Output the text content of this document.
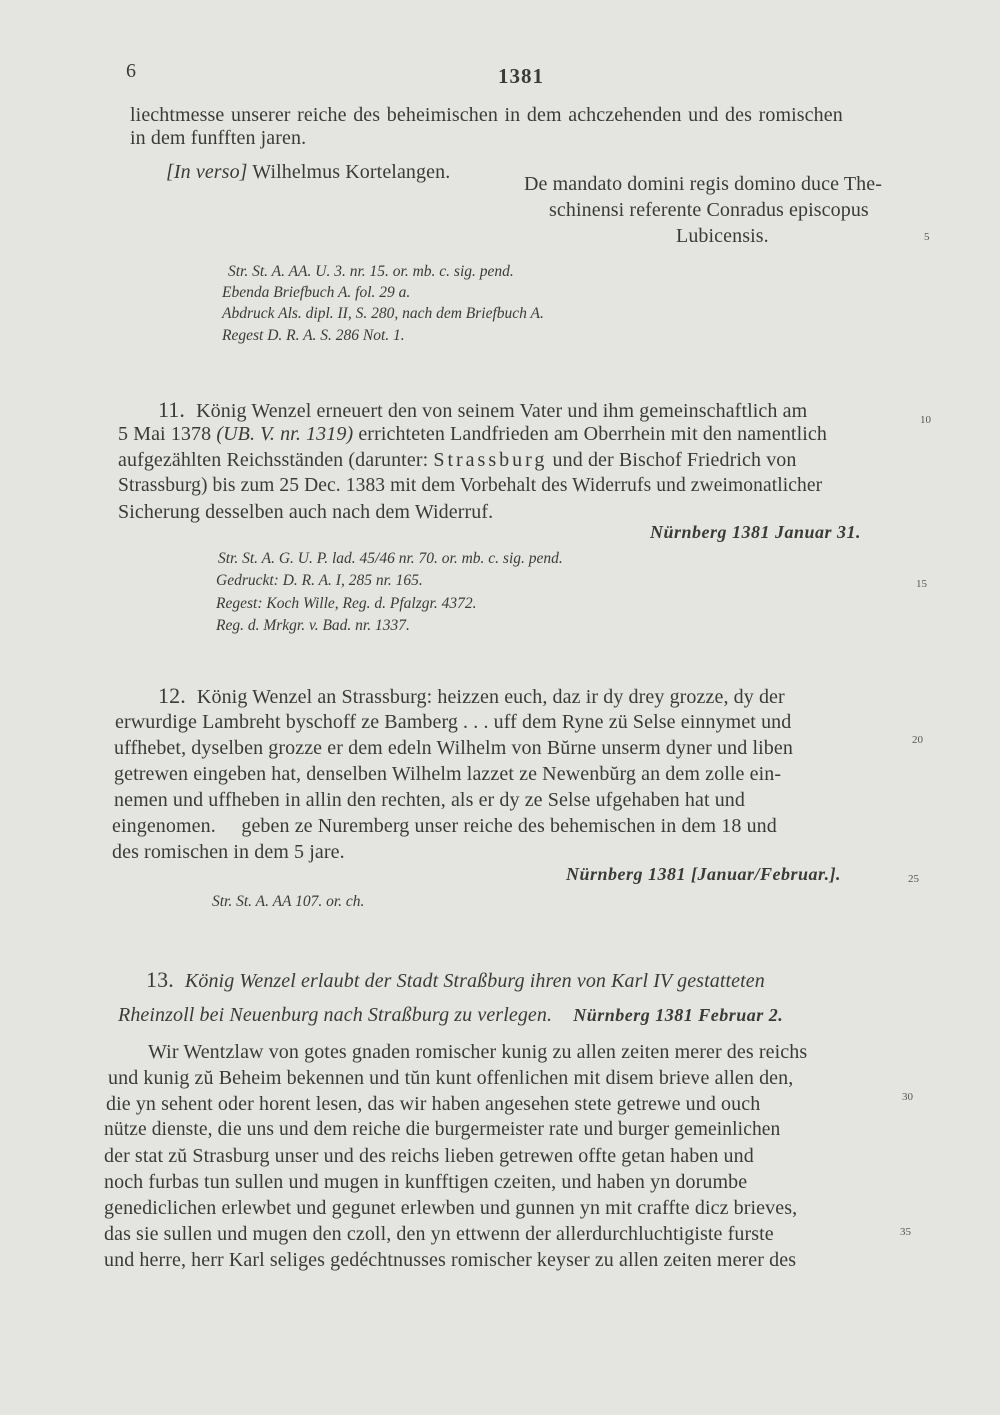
6	1381
5
10
15
20
25
30
35
liechtmesse unserer reiche des beheimischen in dem achczehenden und des romischen
in dem funfften jaren.
[In verso] Wilhelmus Kortelangen.
De mandato domini regis domino duce The-
schinensi referente Conradus episcopus
Lubicensis.
Str. St. A. AA. U. 3. nr. 15. or. mb. c. sig. pend.
Ebenda Briefbuch A. fol. 29 a.
Abdruck Als. dipl. II, S. 280, nach dem Briefbuch A.
Regest D. R. A. S. 286 Not. 1.
11. König Wenzel erneuert den von seinem Vater und ihm gemeinschaftlich am
5 Mai 1378 (UB. V. nr. 1319) errichteten Landfrieden am Oberrhein mit den namentlich
aufgezählten Reichsständen (darunter: Strassburg und der Bischof Friedrich von
Strassburg) bis zum 25 Dec. 1383 mit dem Vorbehalt des Widerrufs und zweimonatlicher
Sicherung desselben auch nach dem Widerruf.
Nürnberg 1381 Januar 31.
Str. St. A. G. U. P. lad. 45/46 nr. 70. or. mb. c. sig. pend.
Gedruckt: D. R. A. I, 285 nr. 165.
Regest: Koch Wille, Reg. d. Pfalzgr. 4372.
Reg. d. Mrkgr. v. Bad. nr. 1337.
12. König Wenzel an Strassburg: heizzen euch, daz ir dy drey grozze, dy der
erwurdige Lambreht byschoff ze Bamberg . . . uff dem Ryne zü Selse einnymet und
uffhebet, dyselben grozze er dem edeln Wilhelm von Bŭrne unserm dyner und liben
getrewen eingeben hat, denselben Wilhelm lazzet ze Newenbŭrg an dem zolle ein-
nemen und uffheben in allin den rechten, als er dy ze Selse ufgehaben hat und
eingenomen.     geben ze Nuremberg unser reiche des behemischen in dem 18 und
des romischen in dem 5 jare.
Nürnberg 1381 [Januar/Februar.].
Str. St. A. AA 107. or. ch.
13. König Wenzel erlaubt der Stadt Straßburg ihren von Karl IV gestatteten
Rheinzoll bei Neuenburg nach Straßburg zu verlegen. Nürnberg 1381 Februar 2.
Wir Wentzlaw von gotes gnaden romischer kunig zu allen zeiten merer des reichs
und kunig zŭ Beheim bekennen und tŭn kunt offenlichen mit disem brieve allen den,
die yn sehent oder horent lesen, das wir haben angesehen stete getrewe und ouch
nütze dienste, die uns und dem reiche die burgermeister rate und burger gemeinlichen
der stat zŭ Strasburg unser und des reichs lieben getrewen offte getan haben und
noch furbas tun sullen und mugen in kunfftigen czeiten, und haben yn dorumbe
genediclichen erlewbet und gegunet erlewben und gunnen yn mit craffte dicz brieves,
das sie sullen und mugen den czoll, den yn ettwenn der allerdurchluchtigiste furste
und herre, herr Karl seliges gedéchtnusses romischer keyser zu allen zeiten merer des
